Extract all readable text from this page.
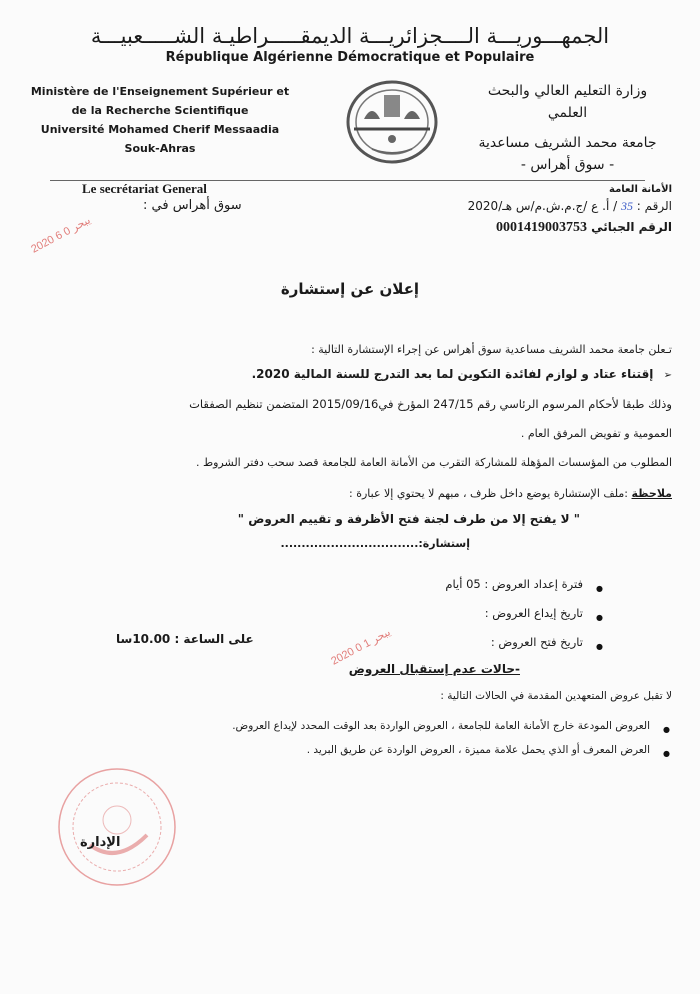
الجمهـــوريـــة الــــجزائريـــة الديمقـــــراطيـة الشـــــعبيـــة
République Algérienne Démocratique et Populaire
Ministère de l'Enseignement Supérieur et
de la Recherche Scientifique
Université Mohamed Cherif Messaadia
Souk-Ahras
وزارة التعليم العالي والبحث
العلمي
جامعة محمد الشريف مساعدية
- سوق أهراس -
Le secrétariat General	الأمانة العامة
سوق أهراس في :	الرقم : 35 / أ. ع /ج.م.ش.م/س هـ/2020
الرقم الجبائي 0001419003753
2020 يبحر 0 6
إعلان عن إستشارة
تـعلن جامعة محمد الشريف مساعدية سوق أهراس عن إجراء الإستشارة التالية :
➢ إقتناء عتاد و لوازم لفائدة التكوين لما بعد التدرج للسنة المالية 2020.
وذلك طبقا لأحكام المرسوم الرئاسي رقم 247/15 المؤرخ في2015/09/16 المتضمن تنظيم الصفقات
العمومية و تفويض المرفق العام .
المطلوب من المؤسسات المؤهلة للمشاركة التقرب من الأمانة العامة للجامعة قصد سحب دفتر الشروط .
ملاحظة :ملف الإستشارة يوضع داخل ظرف ، مبهم لا يحتوي إلا عبارة :
" لا يفتح إلا من طرف لجنة فتح الأظرفة و تقييم العروض "
إستشارة:.................................
● فترة إعداد العروض : 05 أيام
● تاريخ إيداع العروض :
● تاريخ فتح العروض :
على الساعة : 10.00سا
2020 يبحر 1 0
-حالات عدم إستقبال العروض
لا تقبل عروض المتعهدين المقدمة في الحالات التالية :
● العروض المودعة خارج الأمانة العامة للجامعة ، العروض الواردة بعد الوقت المحدد لإيداع العروض.
● العرض المعرف أو الذي يحمل علامة مميزة ، العروض الواردة عن طريق البريد .
الإدارة
